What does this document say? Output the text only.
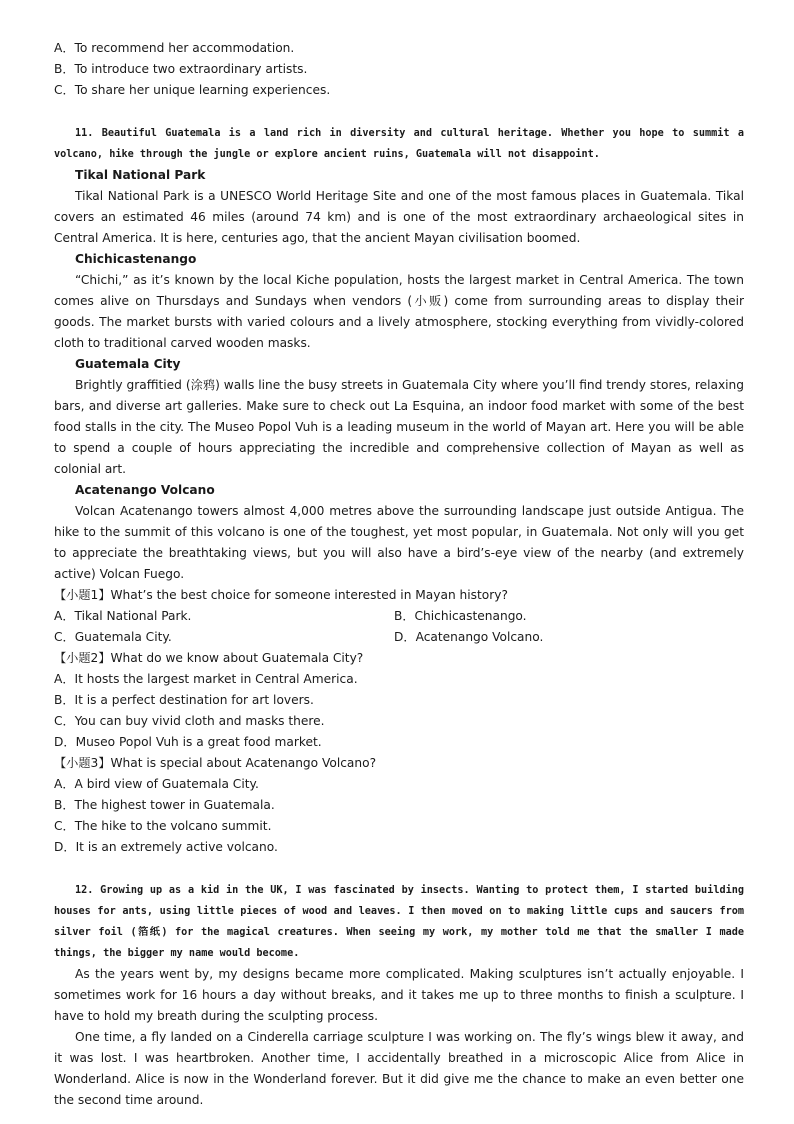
A．To recommend her accommodation.
B．To introduce two extraordinary artists.
C．To share her unique learning experiences.
11. Beautiful Guatemala is a land rich in diversity and cultural heritage. Whether you hope to summit a volcano, hike through the jungle or explore ancient ruins, Guatemala will not disappoint.
Tikal National Park
Tikal National Park is a UNESCO World Heritage Site and one of the most famous places in Guatemala. Tikal covers an estimated 46 miles (around 74 km) and is one of the most extraordinary archaeological sites in Central America. It is here, centuries ago, that the ancient Mayan civilisation boomed.
Chichicastenango
“Chichi,” as it’s known by the local Kiche population, hosts the largest market in Central America. The town comes alive on Thursdays and Sundays when vendors (小贩) come from surrounding areas to display their goods. The market bursts with varied colours and a lively atmosphere, stocking everything from vividly-colored cloth to traditional carved wooden masks.
Guatemala City
Brightly graffitied (涂鸦) walls line the busy streets in Guatemala City where you’ll find trendy stores, relaxing bars, and diverse art galleries. Make sure to check out La Esquina, an indoor food market with some of the best food stalls in the city. The Museo Popol Vuh is a leading museum in the world of Mayan art. Here you will be able to spend a couple of hours appreciating the incredible and comprehensive collection of Mayan as well as colonial art.
Acatenango Volcano
Volcan Acatenango towers almost 4,000 metres above the surrounding landscape just outside Antigua. The hike to the summit of this volcano is one of the toughest, yet most popular, in Guatemala. Not only will you get to appreciate the breathtaking views, but you will also have a bird’s-eye view of the nearby (and extremely active) Volcan Fuego.
【小题1】What’s the best choice for someone interested in Mayan history?
A．Tikal National Park.	B．Chichicastenango.
C．Guatemala City.	D．Acatenango Volcano.
【小题2】What do we know about Guatemala City?
A．It hosts the largest market in Central America.
B．It is a perfect destination for art lovers.
C．You can buy vivid cloth and masks there.
D．Museo Popol Vuh is a great food market.
【小题3】What is special about Acatenango Volcano?
A．A bird view of Guatemala City.
B．The highest tower in Guatemala.
C．The hike to the volcano summit.
D．It is an extremely active volcano.
12. Growing up as a kid in the UK, I was fascinated by insects. Wanting to protect them, I started building houses for ants, using little pieces of wood and leaves. I then moved on to making little cups and saucers from silver foil (箔纸) for the magical creatures. When seeing my work, my mother told me that the smaller I made things, the bigger my name would become.
As the years went by, my designs became more complicated. Making sculptures isn’t actually enjoyable. I sometimes work for 16 hours a day without breaks, and it takes me up to three months to finish a sculpture. I have to hold my breath during the sculpting process.
One time, a fly landed on a Cinderella carriage sculpture I was working on. The fly’s wings blew it away, and it was lost. I was heartbroken. Another time, I accidentally breathed in a microscopic Alice from Alice in Wonderland. Alice is now in the Wonderland forever. But it did give me the chance to make an even better one the second time around.
